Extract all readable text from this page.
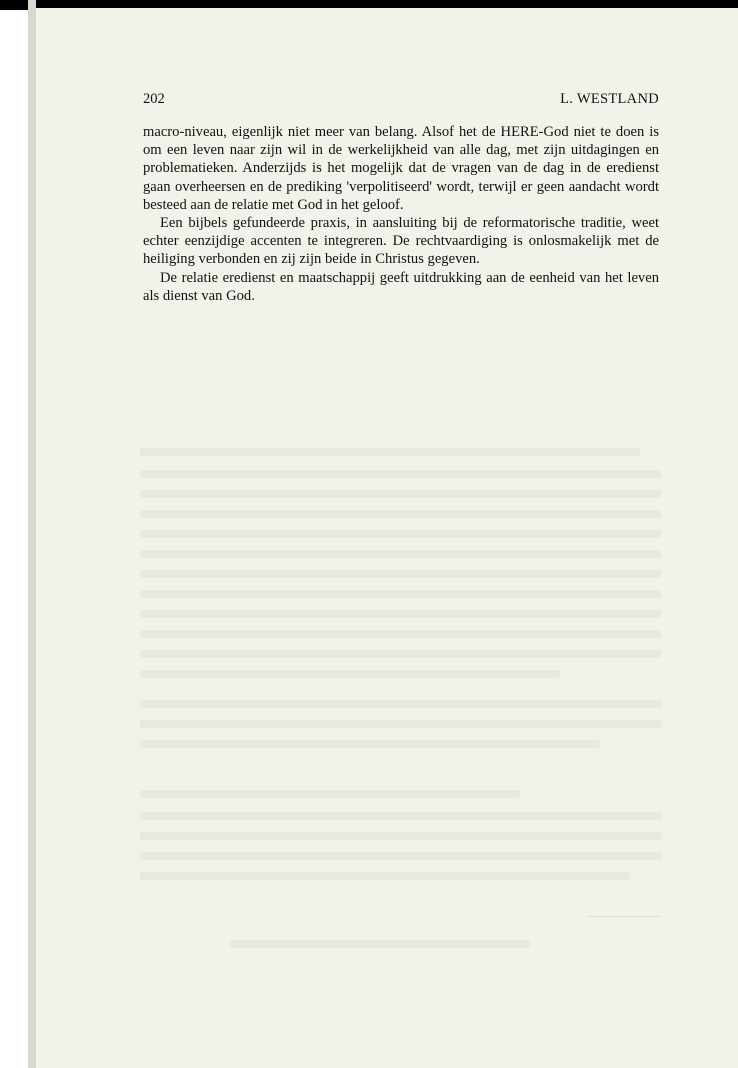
202	L. WESTLAND

macro-niveau, eigenlijk niet meer van belang. Alsof het de HERE-God niet te doen is om een leven naar zijn wil in de werkelijkheid van alle dag, met zijn uitdagingen en problematieken. Anderzijds is het mogelijk dat de vragen van de dag in de eredienst gaan overheersen en de prediking 'verpolitiseerd' wordt, terwijl er geen aandacht wordt besteed aan de relatie met God in het geloof.

Een bijbels gefundeerde praxis, in aansluiting bij de reformatorische traditie, weet echter eenzijdige accenten te integreren. De rechtvaardiging is onlosmakelijk met de heiliging verbonden en zij zijn beide in Christus gegeven.

De relatie eredienst en maatschappij geeft uitdrukking aan de eenheid van het leven als dienst van God.
